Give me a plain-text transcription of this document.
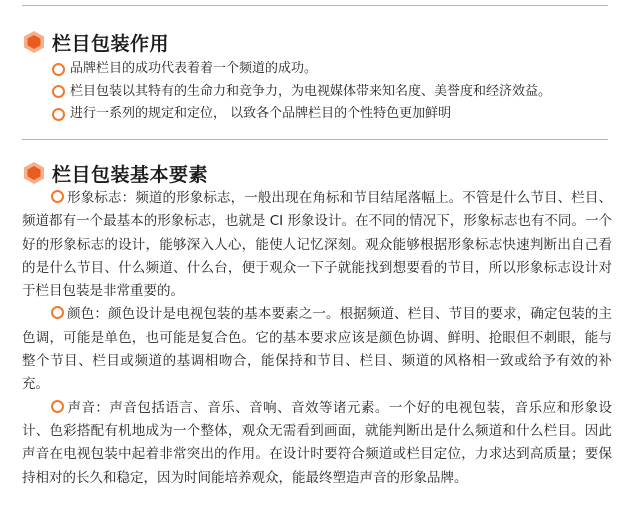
栏目包装作用
品牌栏目的成功代表着着一个频道的成功。
栏目包装以其特有的生命力和竞争力，为电视媒体带来知名度、美誉度和经济效益。
进行一系列的规定和定位， 以致各个品牌栏目的个性特色更加鲜明
栏目包装基本要素

形象标志：频道的形象标志，一般出现在角标和节目结尾落幅上。不管是什么节目、栏目、频道都有一个最基本的形象标志，也就是 CI 形象设计。在不同的情况下，形象标志也有不同。一个好的形象标志的设计，能够深入人心，能使人记忆深刻。观众能够根据形象标志快速判断出自己看的是什么节目、什么频道、什么台，便于观众一下子就能找到想要看的节目，所以形象标志设计对于栏目包装是非常重要的。

颜色：颜色设计是电视包装的基本要素之一。根据频道、栏目、节目的要求，确定包装的主色调，可能是单色，也可能是复合色。它的基本要求应该是颜色协调、鲜明、抢眼但不刺眼，能与整个节目、栏目或频道的基调相吻合，能保持和节目、栏目、频道的风格相一致或给予有效的补充。

声音：声音包括语言、音乐、音响、音效等诸元素。一个好的电视包装，音乐应和形象设计、色彩搭配有机地成为一个整体，观众无需看到画面，就能判断出是什么频道和什么栏目。因此声音在电视包装中起着非常突出的作用。在设计时要符合频道或栏目定位，力求达到高质量；要保持相对的长久和稳定，因为时间能培养观众，能最终塑造声音的形象品牌。
